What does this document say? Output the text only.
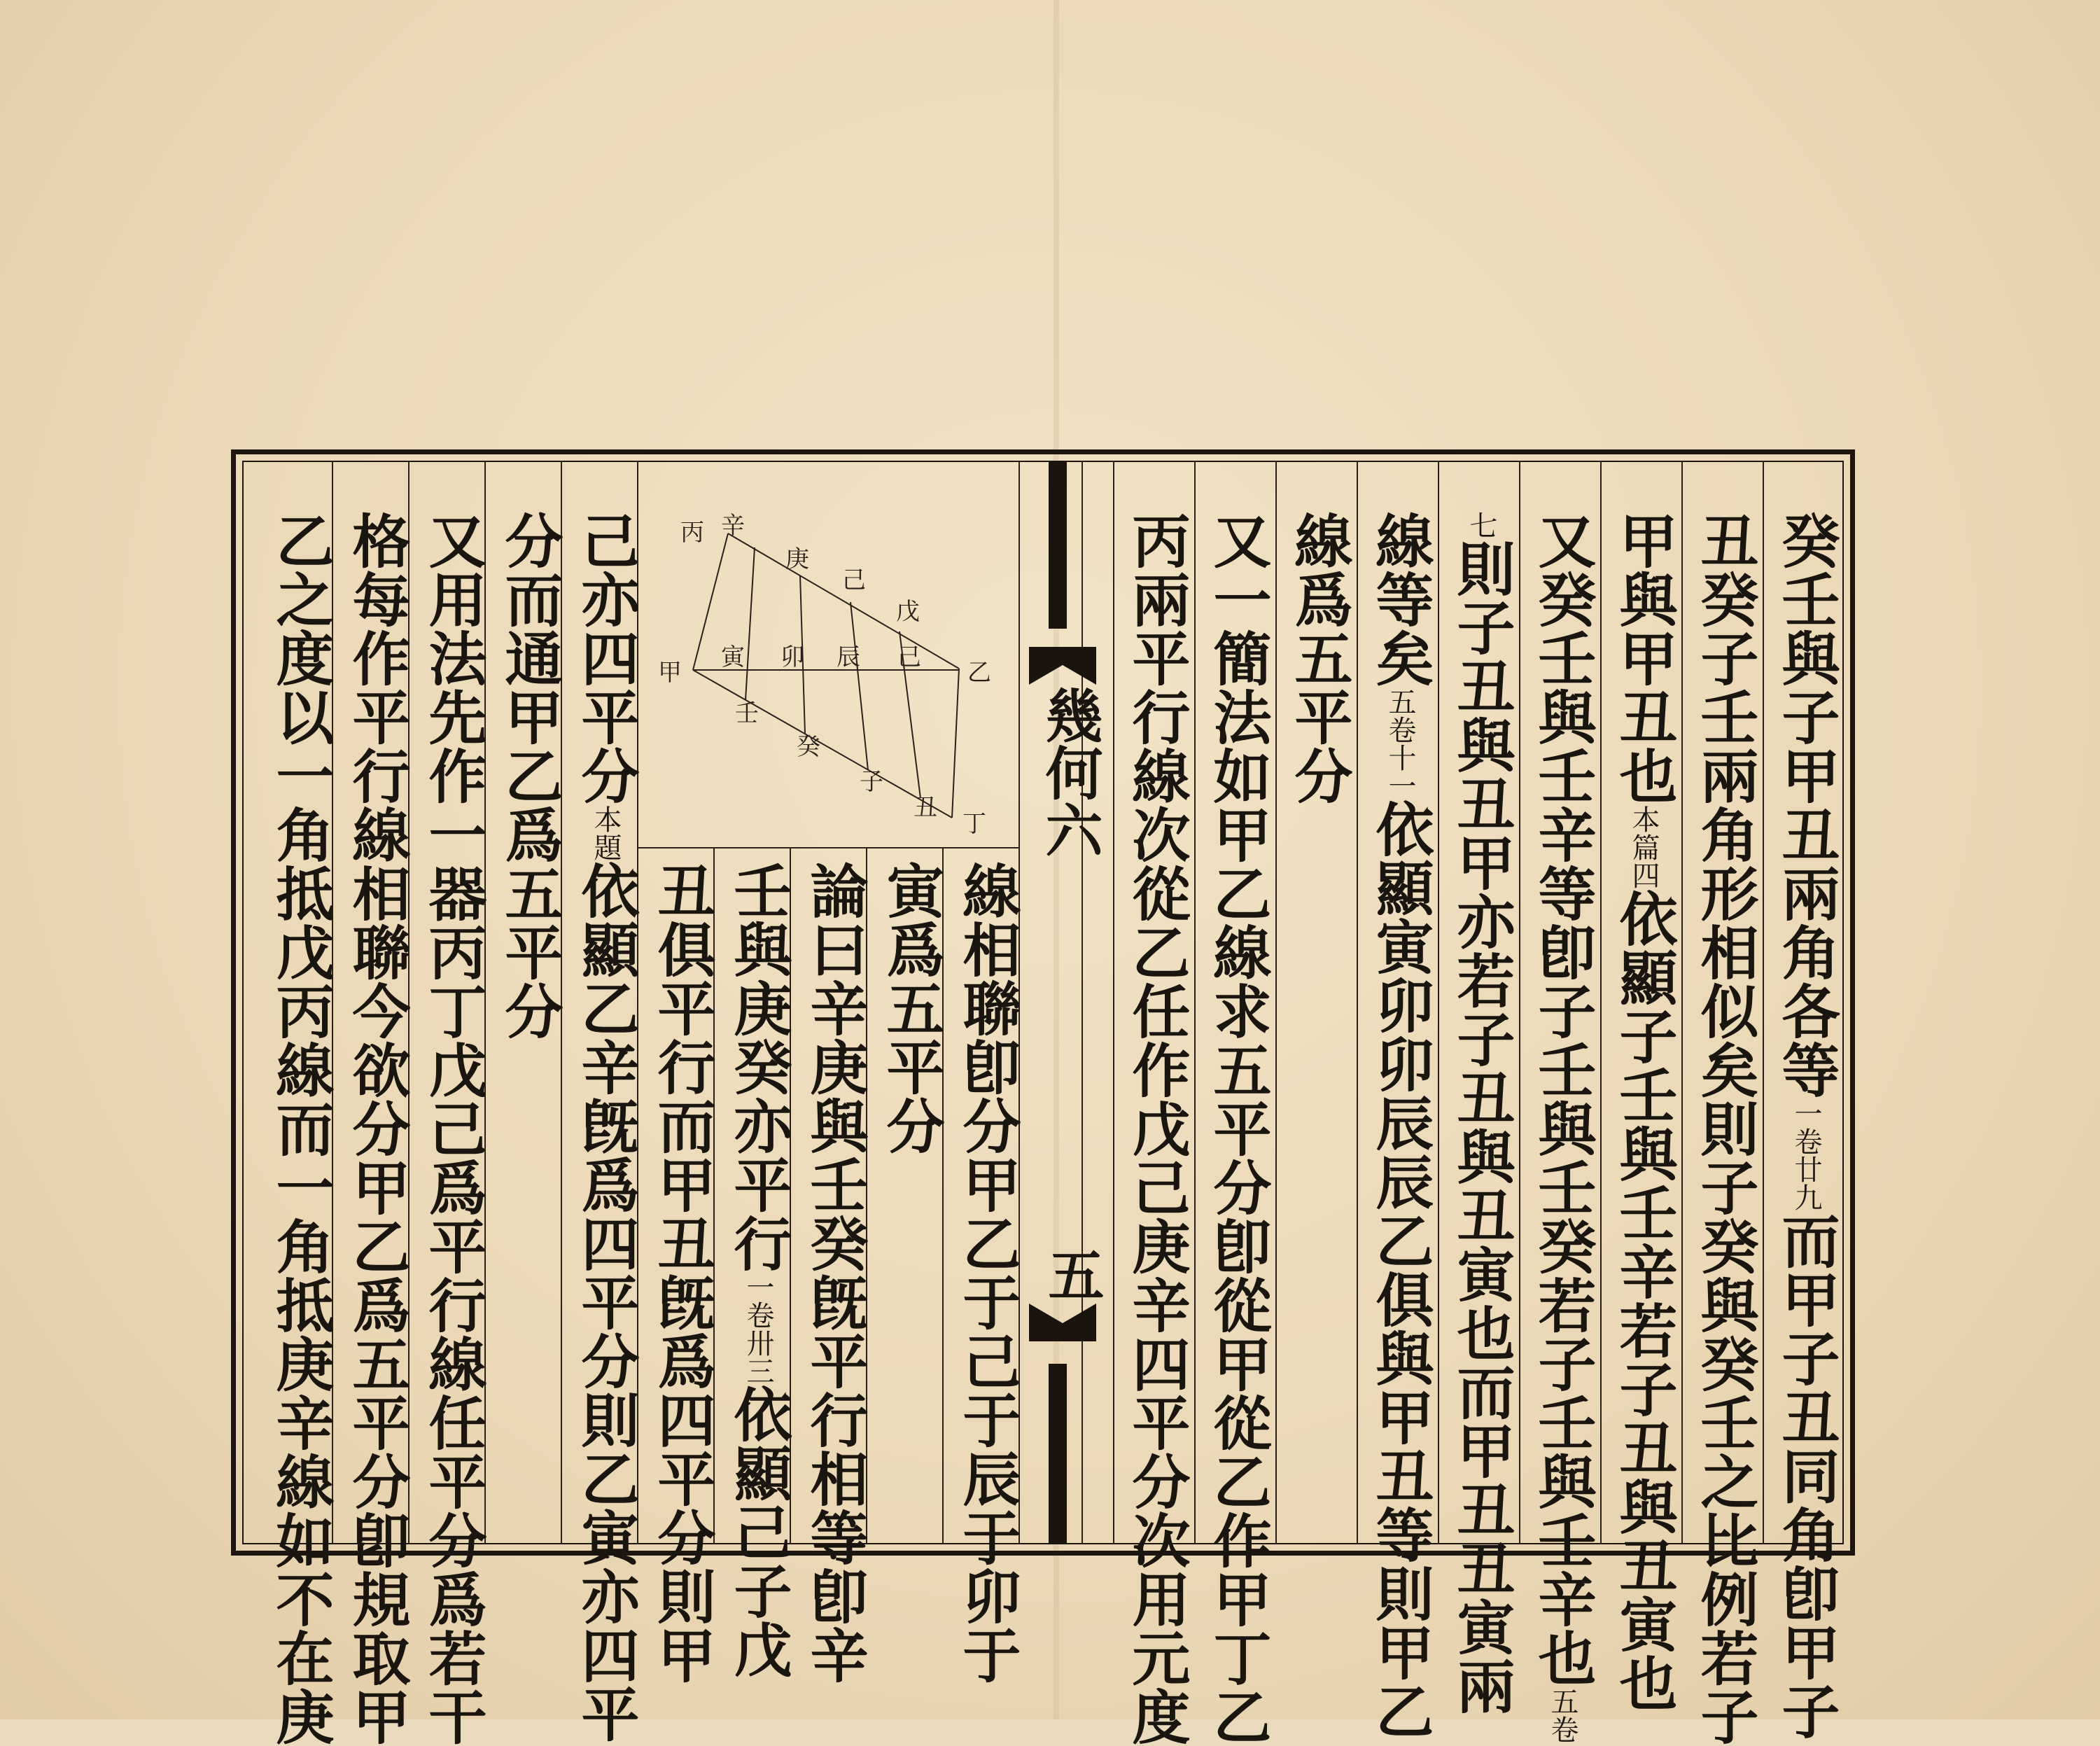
幾何六
五
癸壬與子甲丑兩角各等一卷廿九而甲子丑同角卽甲子
丑癸子壬兩角形相似矣則子癸與癸壬之比例若子
甲與甲丑也本篇四依顯子壬與壬辛若子丑與丑寅也
又癸壬與壬辛等卽子壬與壬癸若子壬與壬辛也五卷
七則子丑與丑甲亦若子丑與丑寅也而甲丑丑寅兩
線等矣五卷十一依顯寅卯卯辰辰乙俱與甲丑等則甲乙
線爲五平分
又一簡法如甲乙線求五平分卽從甲從乙作甲丁乙
丙兩平行線次從乙任作戊己庚辛四平分次用元度
線相聯卽分甲乙于己于辰于卯于
寅爲五平分
論曰辛庚與壬癸旣平行相等卽辛
壬與庚癸亦平行一卷卅三依顯己子戊
丑俱平行而甲丑旣爲四平分則甲
己亦四平分本題依顯乙辛旣爲四平分則乙寅亦四平
分而通甲乙爲五平分
又用法先作一器丙丁戊己爲平行線任平分爲若干
格每作平行線相聯今欲分甲乙爲五平分卽規取甲
乙之度以一角抵戊丙線而一角抵庚辛線如不在庚	丙 辛
庚
己
戊
甲
寅 卯 辰 己
乙
壬
癸
子
丑
丁
